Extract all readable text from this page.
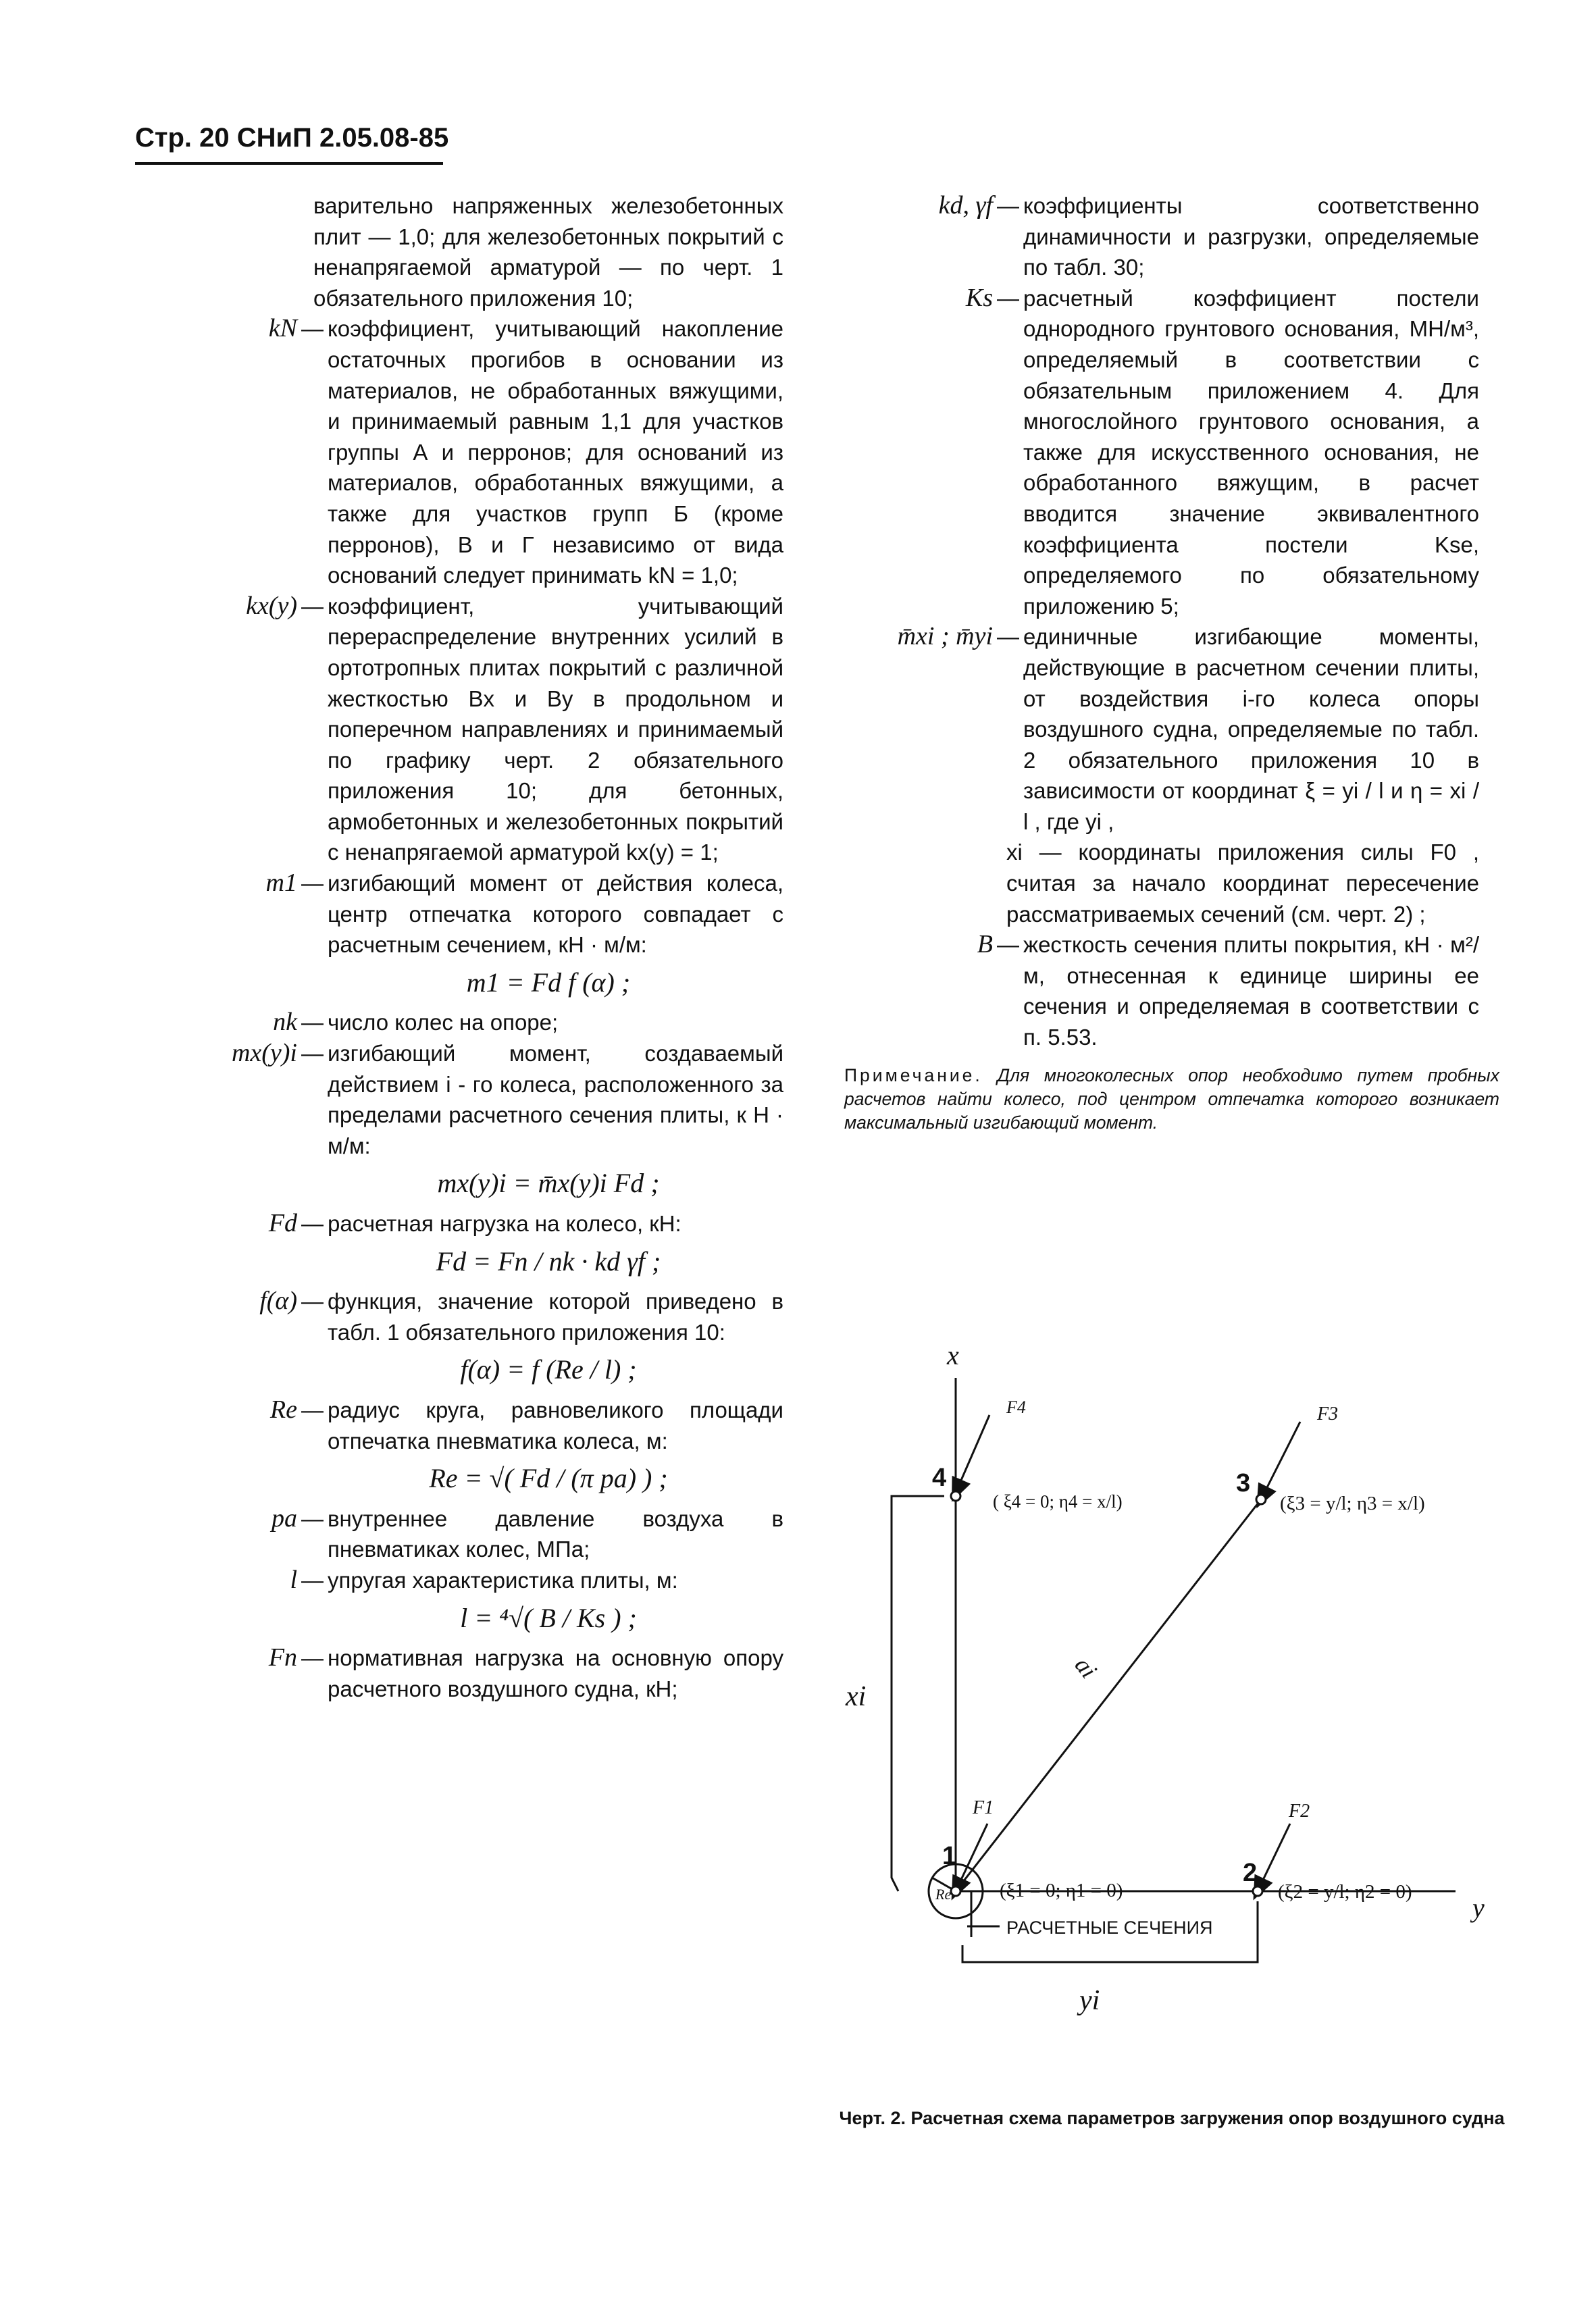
Стр. 20 СНиП 2.05.08-85
варительно напряженных железобетонных плит — 1,0; для железобетонных покрытий с ненапрягаемой арматурой — по черт. 1 обязательного приложения 10;
kN — коэффициент, учитывающий накопление остаточных прогибов в основании из материалов, не обработанных вяжущими, и принимаемый равным 1,1 для участков группы А и перронов; для оснований из материалов, обработанных вяжущими, а также для участков групп Б (кроме перронов), В и Г независимо от вида оснований следует принимать kN = 1,0;
kx(y) — коэффициент, учитывающий перераспределение внутренних усилий в ортотропных плитах покрытий с различной жесткостью Bx и By в продольном и поперечном направлениях и принимаемый по графику черт. 2 обязательного приложения 10; для бетонных, армобетонных и железобетонных покрытий с ненапрягаемой арматурой kx(y) = 1;
m1 — изгибающий момент от действия колеса, центр отпечатка которого совпадает с расчетным сечением, кН · м/м:
m1 = Fd f (α) ;
nk — число колес на опоре;
mx(y)i — изгибающий момент, создаваемый действием i - го колеса, расположенного за пределами расчетного сечения плиты, к Н · м/м:
mx(y)i = m̄x(y)i Fd ;
Fd — расчетная нагрузка на колесо, кН:
Fd = Fn / nk · kd γf ;
f(α) — функция, значение которой приведено в табл. 1 обязательного приложения 10:
f(α) = f (Re / l) ;
Re — радиус круга, равновеликого площади отпечатка пневматика колеса, м:
Re = √( Fd / (π pa) ) ;
pa — внутреннее давление воздуха в пневматиках колес, МПа;
l — упругая характеристика плиты, м:
l = ⁴√( B / Ks ) ;
Fn — нормативная нагрузка на основную опору расчетного воздушного судна, кН;
kd, γf — коэффициенты соответственно динамичности и разгрузки, определяемые по табл. 30;
Ks — расчетный коэффициент постели однородного грунтового основания, МН/м³, определяемый в соответствии с обязательным приложением 4. Для многослойного грунтового основания, а также для искусственного основания, не обработанного вяжущим, в расчет вводится значение эквивалентного коэффициента постели Kse, определяемого по обязательному приложению 5;
m̄xi ; m̄yi — единичные изгибающие моменты, действующие в расчетном сечении плиты, от воздействия i-го колеса опоры воздушного судна, определяемые по табл. 2 обязательного приложения 10 в зависимости от координат ξ = yi / l и η = xi / l , где yi ,
xi — координаты приложения силы F0 , считая за начало координат пересечение рассматриваемых сечений (см. черт. 2) ;
B — жесткость сечения плиты покрытия, кН · м²/м, отнесенная к единице ширины ее сечения и определяемая в соответствии с п. 5.53.
Примечание. Для многоколесных опор необходимо путем пробных расчетов найти колесо, под центром отпечатка которого возникает максимальный изгибающий момент.
x
y
F4	F3
F1	F2
4	3
2
1
( ξ4 = 0; η4 = x/l)	(ξ3 = y/l; η3 = x/l)
(ξ1 = 0; η1 = 0)	(ξ2 = y/l; η2 = 0)
ai
xi
yi
Re
РАСЧЕТНЫЕ СЕЧЕНИЯ
Черт. 2. Расчетная схема параметров загружения опор воздушного судна
